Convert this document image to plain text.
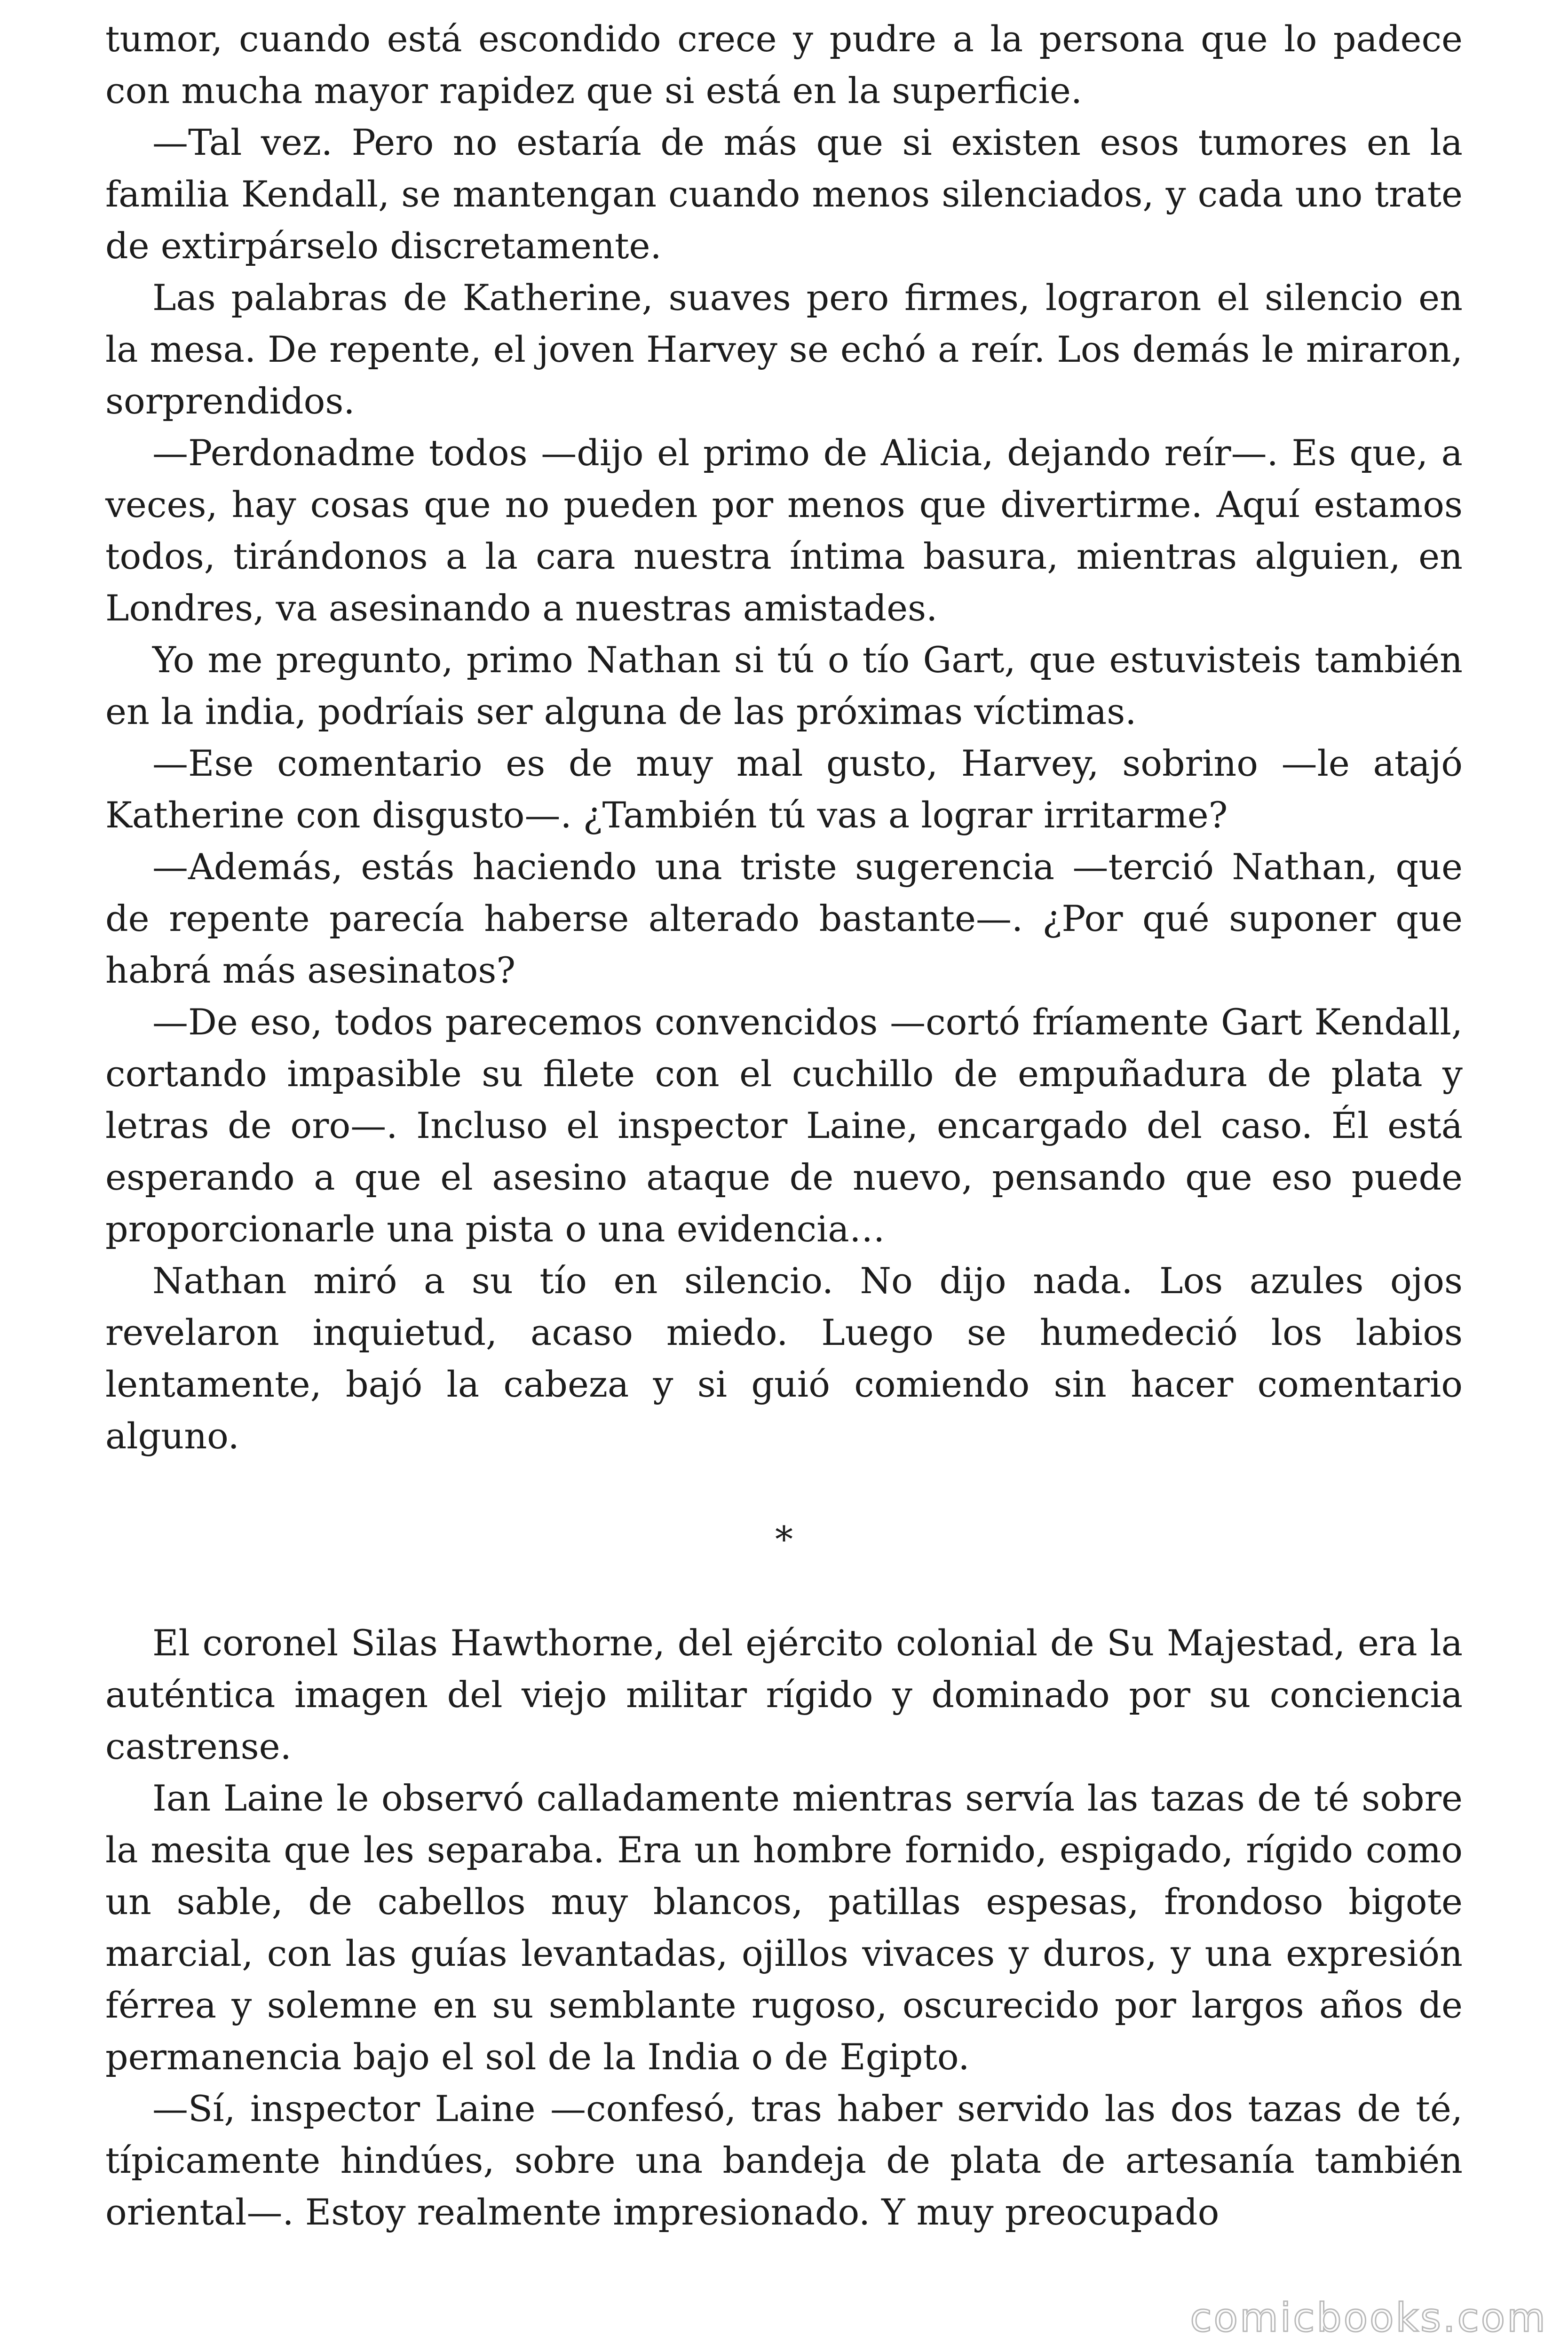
tumor, cuando está escondido crece y pudre a la persona que lo padece con mucha mayor rapidez que si está en la superficie.

—Tal vez. Pero no estaría de más que si existen esos tumores en la familia Kendall, se mantengan cuando menos silenciados, y cada uno trate de extirpárselo discretamente.

Las palabras de Katherine, suaves pero firmes, lograron el silencio en la mesa. De repente, el joven Harvey se echó a reír. Los demás le miraron, sorprendidos.

—Perdonadme todos —dijo el primo de Alicia, dejando reír—. Es que, a veces, hay cosas que no pueden por menos que divertirme. Aquí estamos todos, tirándonos a la cara nuestra íntima basura, mientras alguien, en Londres, va asesinando a nuestras amistades.

Yo me pregunto, primo Nathan si tú o tío Gart, que estuvisteis también en la india, podríais ser alguna de las próximas víctimas.

—Ese comentario es de muy mal gusto, Harvey, sobrino —le atajó Katherine con disgusto—. ¿También tú vas a lograr irritarme?

—Además, estás haciendo una triste sugerencia —terció Nathan, que de repente parecía haberse alterado bastante—. ¿Por qué suponer que habrá más asesinatos?

—De eso, todos parecemos convencidos —cortó fríamente Gart Kendall, cortando impasible su filete con el cuchillo de empuñadura de plata y letras de oro—. Incluso el inspector Laine, encargado del caso. Él está esperando a que el asesino ataque de nuevo, pensando que eso puede proporcionarle una pista o una evidencia…

Nathan miró a su tío en silencio. No dijo nada. Los azules ojos revelaron inquietud, acaso miedo. Luego se humedeció los labios lentamente, bajó la cabeza y si guió comiendo sin hacer comentario alguno.

*

El coronel Silas Hawthorne, del ejército colonial de Su Majestad, era la auténtica imagen del viejo militar rígido y dominado por su conciencia castrense.

Ian Laine le observó calladamente mientras servía las tazas de té sobre la mesita que les separaba. Era un hombre fornido, espigado, rígido como un sable, de cabellos muy blancos, patillas espesas, frondoso bigote marcial, con las guías levantadas, ojillos vivaces y duros, y una expresión férrea y solemne en su semblante rugoso, oscurecido por largos años de permanencia bajo el sol de la India o de Egipto.

—Sí, inspector Laine —confesó, tras haber servido las dos tazas de té, típicamente hindúes, sobre una bandeja de plata de artesanía también oriental—. Estoy realmente impresionado. Y muy preocupado

comicbooks.com
